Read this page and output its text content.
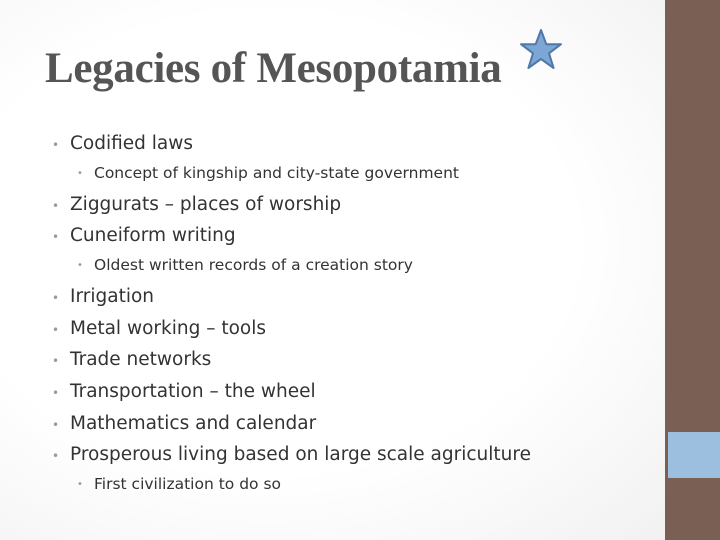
Legacies of Mesopotamia
• Codified laws
• Concept of kingship and city-state government
• Ziggurats – places of worship
• Cuneiform writing
• Oldest written records of a creation story
• Irrigation
• Metal working – tools
• Trade networks
• Transportation – the wheel
• Mathematics and calendar
• Prosperous living based on large scale agriculture
• First civilization to do so
